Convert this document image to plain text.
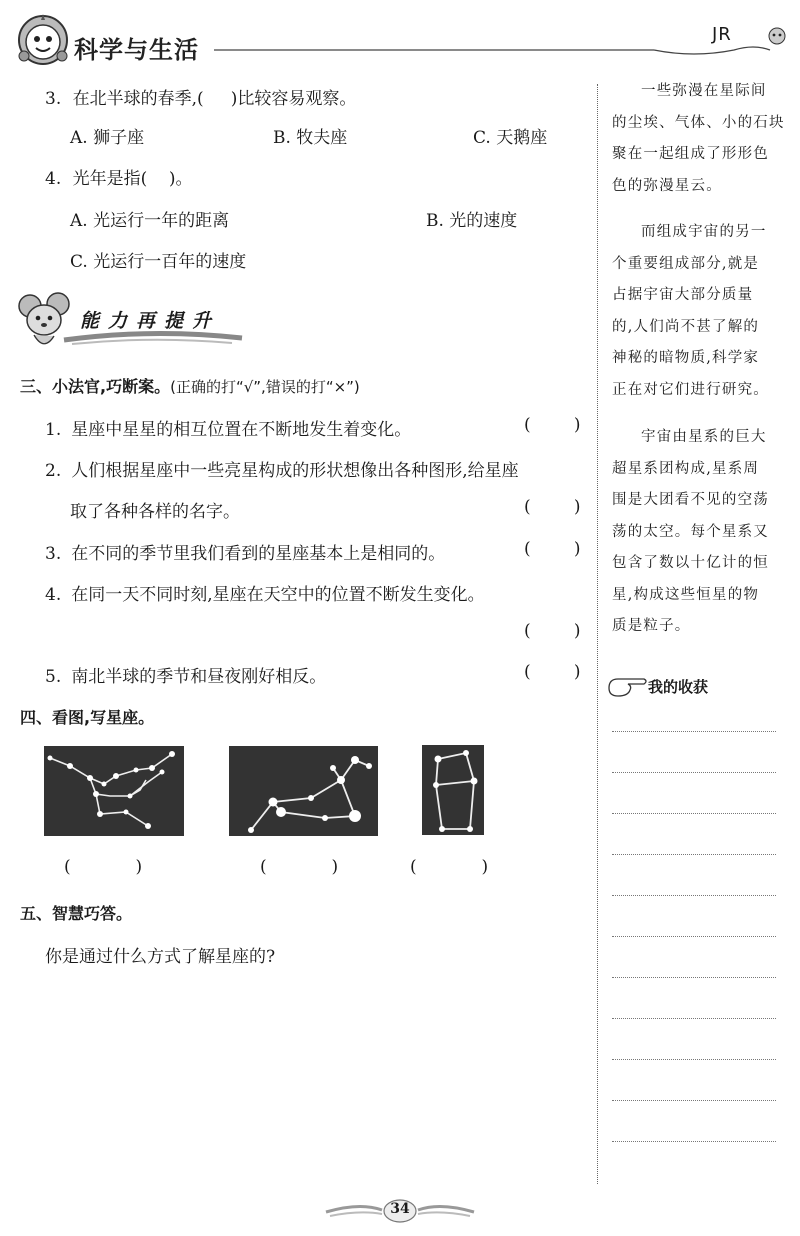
科学与生活
JR
一些弥漫在星际间
的尘埃、气体、小的石块
聚在一起组成了形形色
色的弥漫星云。
而组成宇宙的另一
个重要组成部分,就是
占据宇宙大部分质量
的,人们尚不甚了解的
神秘的暗物质,科学家
正在对它们进行研究。
宇宙由星系的巨大
超星系团构成,星系周
围是大团看不见的空荡
荡的太空。每个星系又
包含了数以十亿计的恒
星,构成这些恒星的物
质是粒子。
我的收获
3. 在北半球的春季,( )比较容易观察。
A. 狮子座	B. 牧夫座	C. 天鹅座
4. 光年是指( )。
A. 光运行一年的距离	B. 光的速度
C. 光运行一百年的速度
能力再提升
三、小法官,巧断案。(正确的打“√”,错误的打“×”)
1. 星座中星星的相互位置在不断地发生着变化。	(        )
2. 人们根据星座中一些亮星构成的形状想像出各种图形,给星座
取了各种各样的名字。	(        )
3. 在不同的季节里我们看到的星座基本上是相同的。	(        )
4. 在同一天不同时刻,星座在天空中的位置不断发生变化。
(        )
5. 南北半球的季节和昼夜刚好相反。	(        )
四、看图,写星座。
(            )	(            )	(            )
五、智慧巧答。
你是通过什么方式了解星座的?
34
